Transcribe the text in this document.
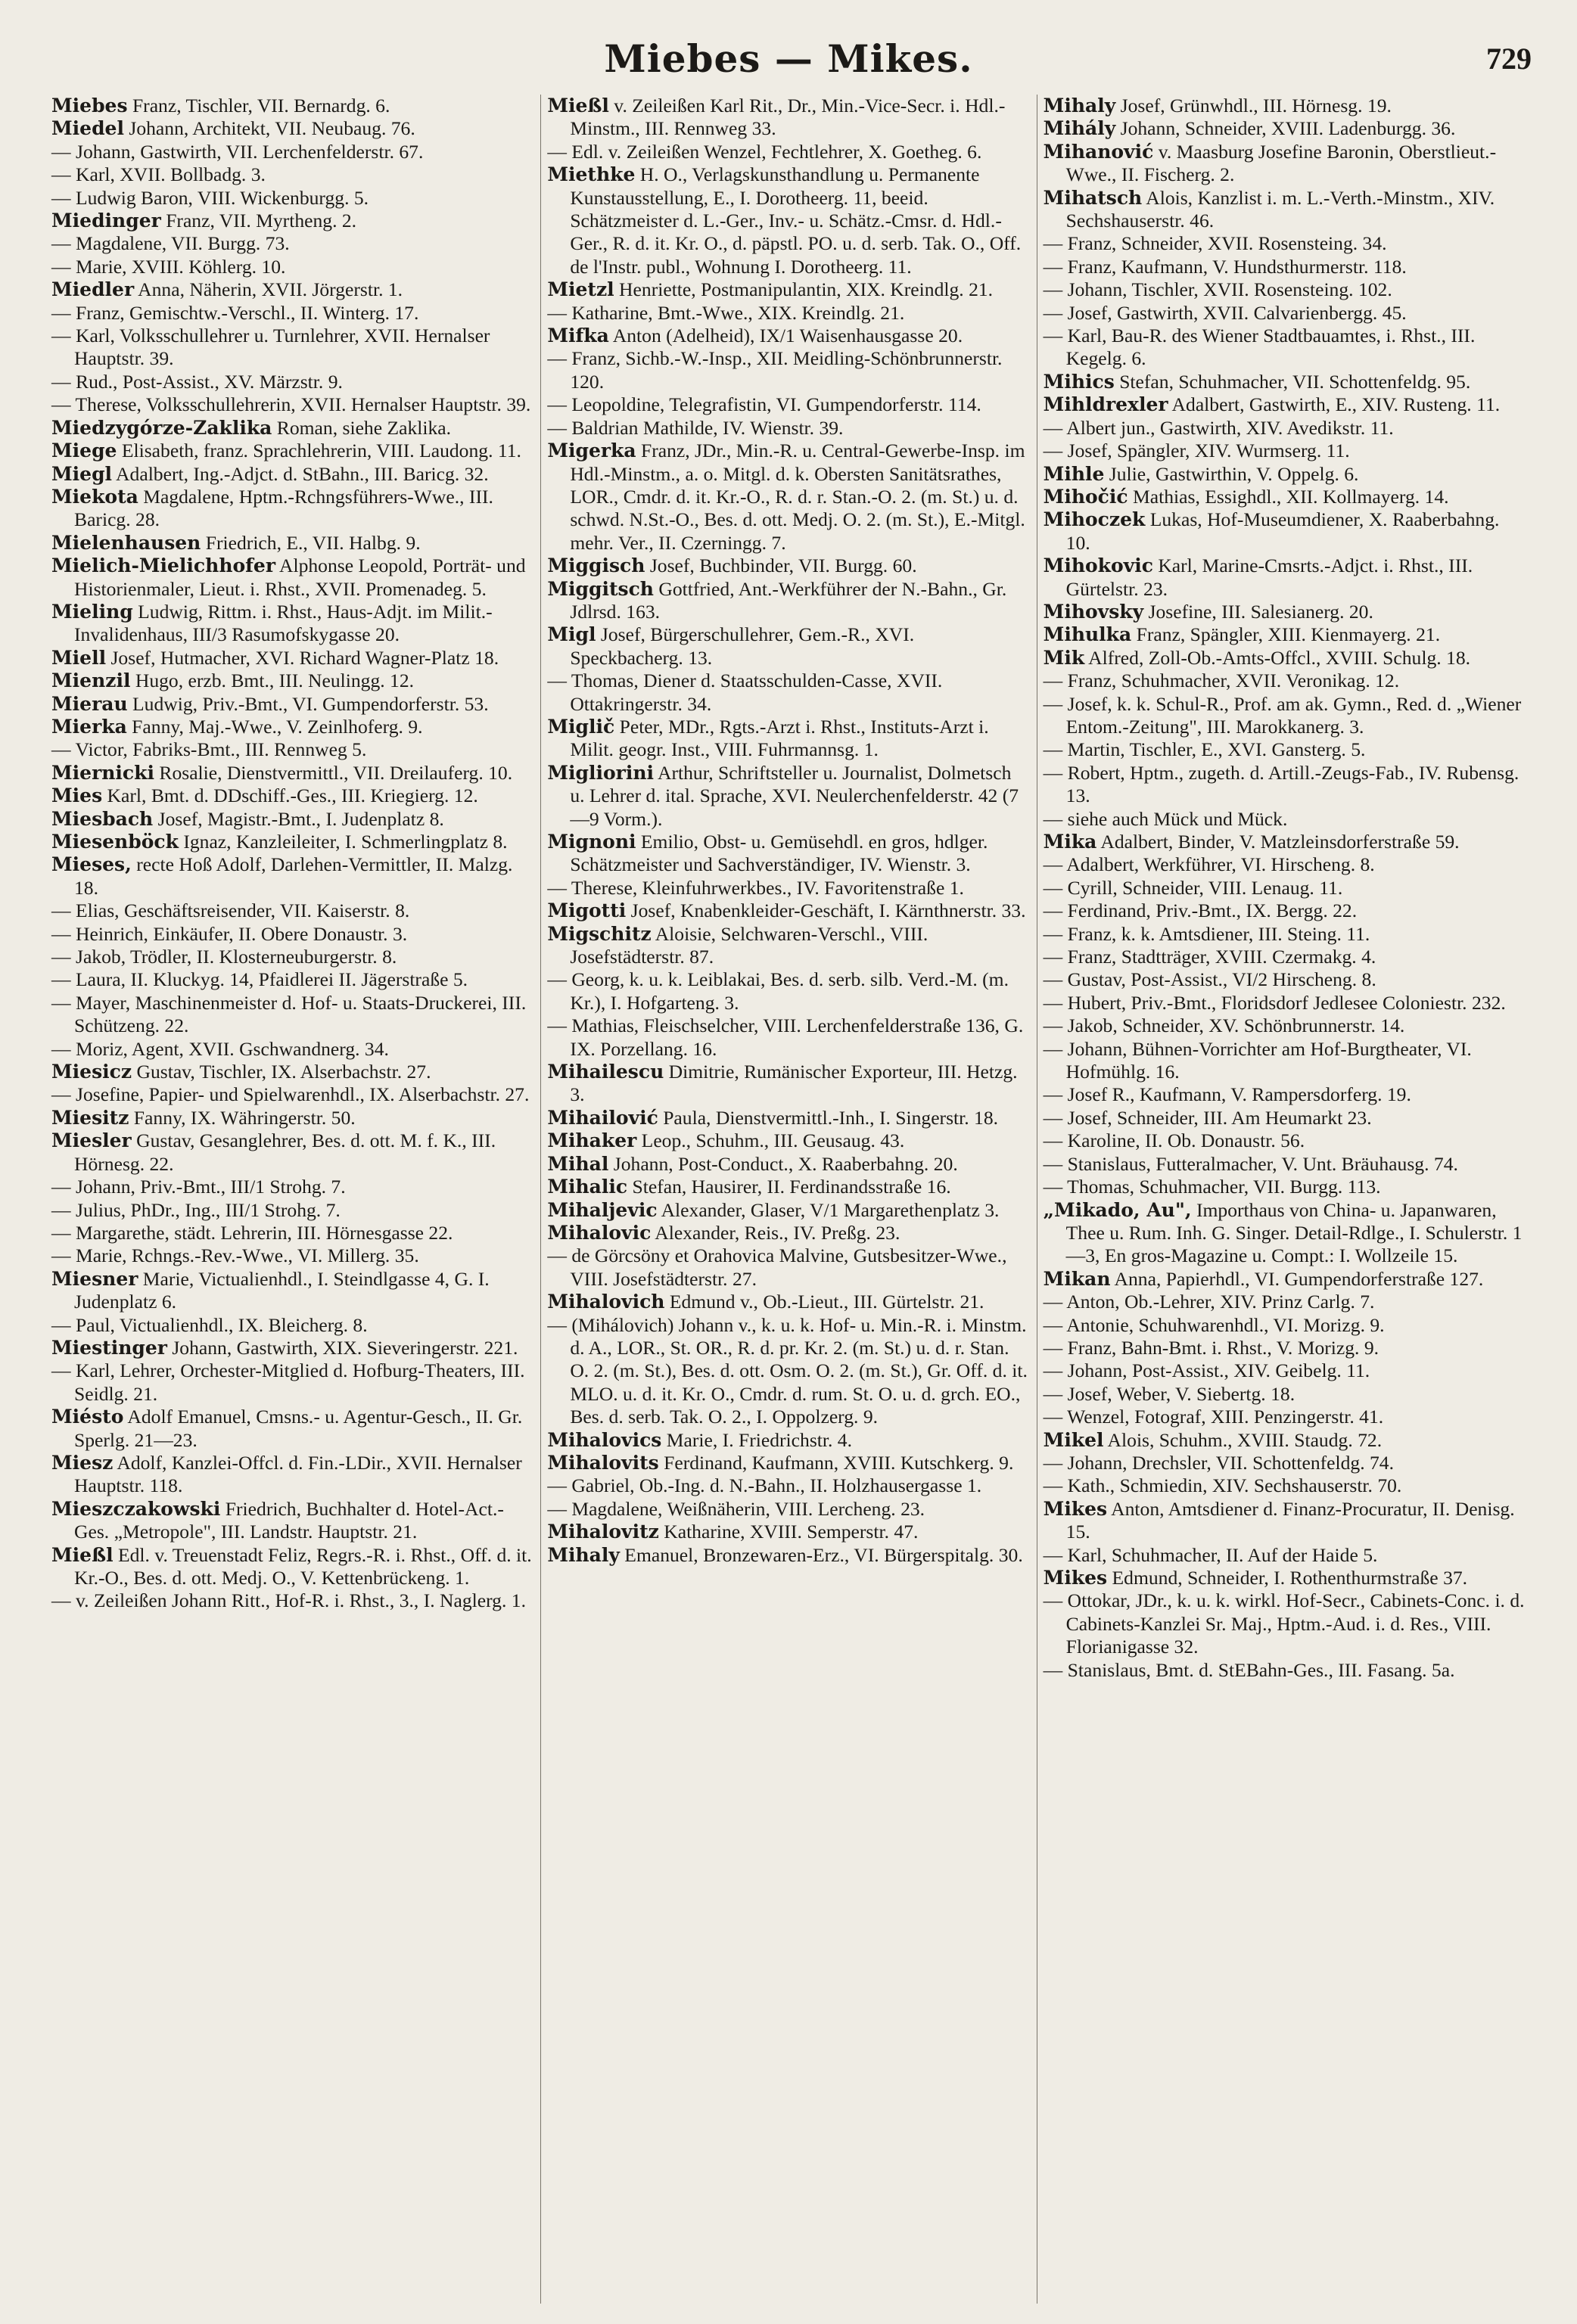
Miebes — Mikes.	729

Miebes Franz, Tischler, VII. Bernardg. 6.

Miedel Johann, Architekt, VII. Neubaug. 76.

— Johann, Gastwirth, VII. Lerchenfelderstr. 67.

— Karl, XVII. Bollbadg. 3.

— Ludwig Baron, VIII. Wickenburgg. 5.

Miedinger Franz, VII. Myrtheng. 2.

— Magdalene, VII. Burgg. 73.

— Marie, XVIII. Köhlerg. 10.

Miedler Anna, Näherin, XVII. Jörgerstr. 1.

— Franz, Gemischtw.-Verschl., II. Winterg. 17.

— Karl, Volksschullehrer u. Turnlehrer, XVII. Hernalser Hauptstr. 39.

— Rud., Post-Assist., XV. Märzstr. 9.

— Therese, Volksschullehrerin, XVII. Hernalser Hauptstr. 39.

Miedzygórze-Zaklika Roman, siehe Zaklika.

Miege Elisabeth, franz. Sprachlehrerin, VIII. Laudong. 11.

Miegl Adalbert, Ing.-Adjct. d. StBahn., III. Baricg. 32.

Miekota Magdalene, Hptm.-Rchngsführers-Wwe., III. Baricg. 28.

Mielenhausen Friedrich, E., VII. Halbg. 9.

Mielich-Mielichhofer Alphonse Leopold, Porträt- und Historienmaler, Lieut. i. Rhst., XVII. Promenadeg. 5.

Mieling Ludwig, Rittm. i. Rhst., Haus-Adjt. im Milit.-Invalidenhaus, III/3 Rasumofskygasse 20.

Miell Josef, Hutmacher, XVI. Richard Wagner-Platz 18.

Mienzil Hugo, erzb. Bmt., III. Neulingg. 12.

Mierau Ludwig, Priv.-Bmt., VI. Gumpendorferstr. 53.

Mierka Fanny, Maj.-Wwe., V. Zeinlhoferg. 9.

— Victor, Fabriks-Bmt., III. Rennweg 5.

Miernicki Rosalie, Dienstvermittl., VII. Dreilauferg. 10.

Mies Karl, Bmt. d. DDschiff.-Ges., III. Kriegierg. 12.

Miesbach Josef, Magistr.-Bmt., I. Judenplatz 8.

Miesenböck Ignaz, Kanzleileiter, I. Schmerlingplatz 8.

Mieses, recte Hoß Adolf, Darlehen-Vermittler, II. Malzg. 18.

— Elias, Geschäftsreisender, VII. Kaiserstr. 8.

— Heinrich, Einkäufer, II. Obere Donaustr. 3.

— Jakob, Trödler, II. Klosterneuburgerstr. 8.

— Laura, II. Kluckyg. 14, Pfaidlerei II. Jägerstraße 5.

— Mayer, Maschinenmeister d. Hof- u. Staats-Druckerei, III. Schützeng. 22.

— Moriz, Agent, XVII. Gschwandnerg. 34.

Miesicz Gustav, Tischler, IX. Alserbachstr. 27.

— Josefine, Papier- und Spielwarenhdl., IX. Alserbachstr. 27.

Miesitz Fanny, IX. Währingerstr. 50.

Miesler Gustav, Gesanglehrer, Bes. d. ott. M. f. K., III. Hörnesg. 22.

— Johann, Priv.-Bmt., III/1 Strohg. 7.

— Julius, PhDr., Ing., III/1 Strohg. 7.

— Margarethe, städt. Lehrerin, III. Hörnesgasse 22.

— Marie, Rchngs.-Rev.-Wwe., VI. Millerg. 35.

Miesner Marie, Victualienhdl., I. Steindlgasse 4, G. I. Judenplatz 6.

— Paul, Victualienhdl., IX. Bleicherg. 8.

Miestinger Johann, Gastwirth, XIX. Sieveringerstr. 221.

— Karl, Lehrer, Orchester-Mitglied d. Hofburg-Theaters, III. Seidlg. 21.

Miésto Adolf Emanuel, Cmsns.- u. Agentur-Gesch., II. Gr. Sperlg. 21—23.

Miesz Adolf, Kanzlei-Offcl. d. Fin.-LDir., XVII. Hernalser Hauptstr. 118.

Mieszczakowski Friedrich, Buchhalter d. Hotel-Act.-Ges. „Metropole", III. Landstr. Hauptstr. 21.

Mießl Edl. v. Treuenstadt Feliz, Regrs.-R. i. Rhst., Off. d. it. Kr.-O., Bes. d. ott. Medj. O., V. Kettenbrückeng. 1.

— v. Zeileißen Johann Ritt., Hof-R. i. Rhst., 3., I. Naglerg. 1.

Mießl v. Zeileißen Karl Rit., Dr., Min.-Vice-Secr. i. Hdl.-Minstm., III. Rennweg 33.

— Edl. v. Zeileißen Wenzel, Fechtlehrer, X. Goetheg. 6.

Miethke H. O., Verlagskunsthandlung u. Permanente Kunstausstellung, E., I. Dorotheerg. 11, beeid. Schätzmeister d. L.-Ger., Inv.- u. Schätz.-Cmsr. d. Hdl.-Ger., R. d. it. Kr. O., d. päpstl. PO. u. d. serb. Tak. O., Off. de l'Instr. publ., Wohnung I. Dorotheerg. 11.

Mietzl Henriette, Postmanipulantin, XIX. Kreindlg. 21.

— Katharine, Bmt.-Wwe., XIX. Kreindlg. 21.

Mifka Anton (Adelheid), IX/1 Waisenhausgasse 20.

— Franz, Sichb.-W.-Insp., XII. Meidling-Schönbrunnerstr. 120.

— Leopoldine, Telegrafistin, VI. Gumpendorferstr. 114.

— Baldrian Mathilde, IV. Wienstr. 39.

Migerka Franz, JDr., Min.-R. u. Central-Gewerbe-Insp. im Hdl.-Minstm., a. o. Mitgl. d. k. Obersten Sanitätsrathes, LOR., Cmdr. d. it. Kr.-O., R. d. r. Stan.-O. 2. (m. St.) u. d. schwd. N.St.-O., Bes. d. ott. Medj. O. 2. (m. St.), E.-Mitgl. mehr. Ver., II. Czerningg. 7.

Miggisch Josef, Buchbinder, VII. Burgg. 60.

Miggitsch Gottfried, Ant.-Werkführer der N.-Bahn., Gr. Jdlrsd. 163.

Migl Josef, Bürgerschullehrer, Gem.-R., XVI. Speckbacherg. 13.

— Thomas, Diener d. Staatsschulden-Casse, XVII. Ottakringerstr. 34.

Miglič Peter, MDr., Rgts.-Arzt i. Rhst., Instituts-Arzt i. Milit. geogr. Inst., VIII. Fuhrmannsg. 1.

Migliorini Arthur, Schriftsteller u. Journalist, Dolmetsch u. Lehrer d. ital. Sprache, XVI. Neulerchenfelderstr. 42 (7—9 Vorm.).

Mignoni Emilio, Obst- u. Gemüsehdl. en gros, hdlger. Schätzmeister und Sachverständiger, IV. Wienstr. 3.

— Therese, Kleinfuhrwerkbes., IV. Favoritenstraße 1.

Migotti Josef, Knabenkleider-Geschäft, I. Kärnthnerstr. 33.

Migschitz Aloisie, Selchwaren-Verschl., VIII. Josefstädterstr. 87.

— Georg, k. u. k. Leiblakai, Bes. d. serb. silb. Verd.-M. (m. Kr.), I. Hofgarteng. 3.

— Mathias, Fleischselcher, VIII. Lerchenfelderstraße 136, G. IX. Porzellang. 16.

Mihailescu Dimitrie, Rumänischer Exporteur, III. Hetzg. 3.

Mihailović Paula, Dienstvermittl.-Inh., I. Singerstr. 18.

Mihaker Leop., Schuhm., III. Geusaug. 43.

Mihal Johann, Post-Conduct., X. Raaberbahng. 20.

Mihalic Stefan, Hausirer, II. Ferdinandsstraße 16.

Mihaljevic Alexander, Glaser, V/1 Margarethenplatz 3.

Mihalovic Alexander, Reis., IV. Preßg. 23.

— de Görcsöny et Orahovica Malvine, Gutsbesitzer-Wwe., VIII. Josefstädterstr. 27.

Mihalovich Edmund v., Ob.-Lieut., III. Gürtelstr. 21.

— (Mihálovich) Johann v., k. u. k. Hof- u. Min.-R. i. Minstm. d. A., LOR., St. OR., R. d. pr. Kr. 2. (m. St.) u. d. r. Stan. O. 2. (m. St.), Bes. d. ott. Osm. O. 2. (m. St.), Gr. Off. d. it. MLO. u. d. it. Kr. O., Cmdr. d. rum. St. O. u. d. grch. EO., Bes. d. serb. Tak. O. 2., I. Oppolzerg. 9.

Mihalovics Marie, I. Friedrichstr. 4.

Mihalovits Ferdinand, Kaufmann, XVIII. Kutschkerg. 9.

— Gabriel, Ob.-Ing. d. N.-Bahn., II. Holzhausergasse 1.

— Magdalene, Weißnäherin, VIII. Lercheng. 23.

Mihalovitz Katharine, XVIII. Semperstr. 47.

Mihaly Emanuel, Bronzewaren-Erz., VI. Bürgerspitalg. 30.

Mihaly Josef, Grünwhdl., III. Hörnesg. 19.

Mihály Johann, Schneider, XVIII. Ladenburgg. 36.

Mihanović v. Maasburg Josefine Baronin, Oberstlieut.-Wwe., II. Fischerg. 2.

Mihatsch Alois, Kanzlist i. m. L.-Verth.-Minstm., XIV. Sechshauserstr. 46.

— Franz, Schneider, XVII. Rosensteing. 34.

— Franz, Kaufmann, V. Hundsthurmerstr. 118.

— Johann, Tischler, XVII. Rosensteing. 102.

— Josef, Gastwirth, XVII. Calvarienbergg. 45.

— Karl, Bau-R. des Wiener Stadtbauamtes, i. Rhst., III. Kegelg. 6.

Mihics Stefan, Schuhmacher, VII. Schottenfeldg. 95.

Mihldrexler Adalbert, Gastwirth, E., XIV. Rusteng. 11.

— Albert jun., Gastwirth, XIV. Avedikstr. 11.

— Josef, Spängler, XIV. Wurmserg. 11.

Mihle Julie, Gastwirthin, V. Oppelg. 6.

Mihočić Mathias, Essighdl., XII. Kollmayerg. 14.

Mihoczek Lukas, Hof-Museumdiener, X. Raaberbahng. 10.

Mihokovic Karl, Marine-Cmsrts.-Adjct. i. Rhst., III. Gürtelstr. 23.

Mihovsky Josefine, III. Salesianerg. 20.

Mihulka Franz, Spängler, XIII. Kienmayerg. 21.

Mik Alfred, Zoll-Ob.-Amts-Offcl., XVIII. Schulg. 18.

— Franz, Schuhmacher, XVII. Veronikag. 12.

— Josef, k. k. Schul-R., Prof. am ak. Gymn., Red. d. „Wiener Entom.-Zeitung", III. Marokkanerg. 3.

— Martin, Tischler, E., XVI. Gansterg. 5.

— Robert, Hptm., zugeth. d. Artill.-Zeugs-Fab., IV. Rubensg. 13.

— siehe auch Mück und Mück.

Mika Adalbert, Binder, V. Matzleinsdorferstraße 59.

— Adalbert, Werkführer, VI. Hirscheng. 8.

— Cyrill, Schneider, VIII. Lenaug. 11.

— Ferdinand, Priv.-Bmt., IX. Bergg. 22.

— Franz, k. k. Amtsdiener, III. Steing. 11.

— Franz, Stadtträger, XVIII. Czermakg. 4.

— Gustav, Post-Assist., VI/2 Hirscheng. 8.

— Hubert, Priv.-Bmt., Floridsdorf Jedlesee Coloniestr. 232.

— Jakob, Schneider, XV. Schönbrunnerstr. 14.

— Johann, Bühnen-Vorrichter am Hof-Burgtheater, VI. Hofmühlg. 16.

— Josef R., Kaufmann, V. Rampersdorferg. 19.

— Josef, Schneider, III. Am Heumarkt 23.

— Karoline, II. Ob. Donaustr. 56.

— Stanislaus, Futteralmacher, V. Unt. Bräuhausg. 74.

— Thomas, Schuhmacher, VII. Burgg. 113.

„Mikado, Au", Importhaus von China- u. Japanwaren, Thee u. Rum. Inh. G. Singer. Detail-Rdlge., I. Schulerstr. 1—3, En gros-Magazine u. Compt.: I. Wollzeile 15.

Mikan Anna, Papierhdl., VI. Gumpendorferstraße 127.

— Anton, Ob.-Lehrer, XIV. Prinz Carlg. 7.

— Antonie, Schuhwarenhdl., VI. Morizg. 9.

— Franz, Bahn-Bmt. i. Rhst., V. Morizg. 9.

— Johann, Post-Assist., XIV. Geibelg. 11.

— Josef, Weber, V. Siebertg. 18.

— Wenzel, Fotograf, XIII. Penzingerstr. 41.

Mikel Alois, Schuhm., XVIII. Staudg. 72.

— Johann, Drechsler, VII. Schottenfeldg. 74.

— Kath., Schmiedin, XIV. Sechshauserstr. 70.

Mikes Anton, Amtsdiener d. Finanz-Procuratur, II. Denisg. 15.

— Karl, Schuhmacher, II. Auf der Haide 5.

Mikes Edmund, Schneider, I. Rothenthurmstraße 37.

— Ottokar, JDr., k. u. k. wirkl. Hof-Secr., Cabinets-Conc. i. d. Cabinets-Kanzlei Sr. Maj., Hptm.-Aud. i. d. Res., VIII. Florianigasse 32.

— Stanislaus, Bmt. d. StEBahn-Ges., III. Fasang. 5a.
